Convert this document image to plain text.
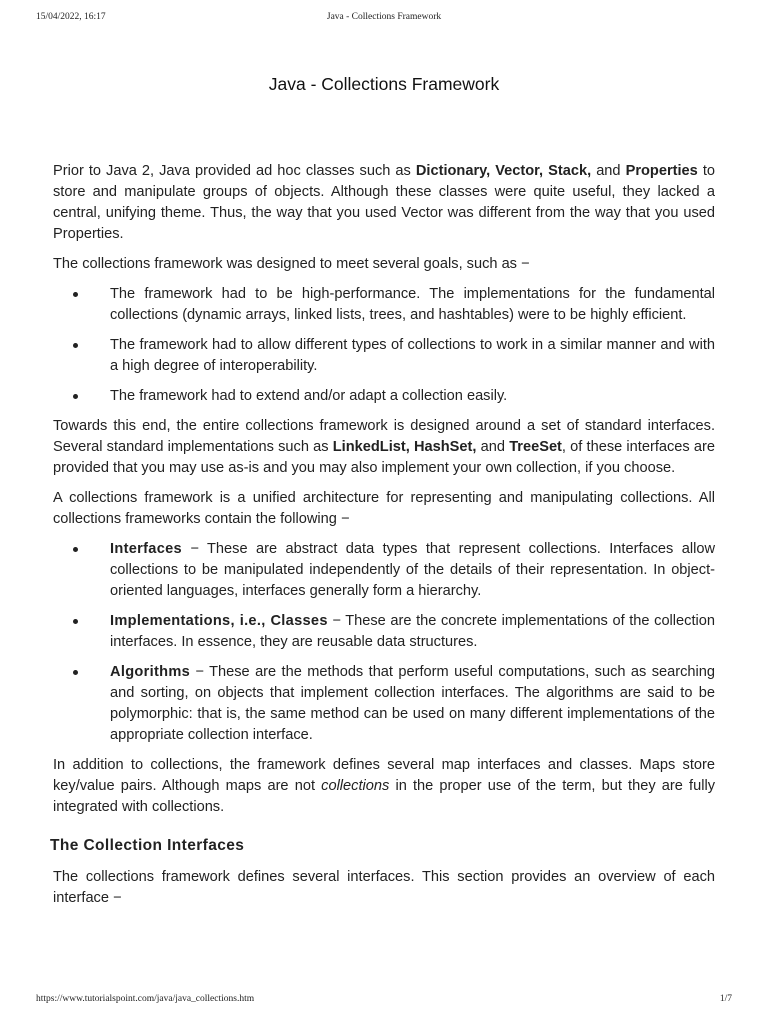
15/04/2022, 16:17	Java - Collections Framework
Java - Collections Framework

Prior to Java 2, Java provided ad hoc classes such as Dictionary, Vector, Stack, and Properties to store and manipulate groups of objects. Although these classes were quite useful, they lacked a central, unifying theme. Thus, the way that you used Vector was different from the way that you used Properties.

The collections framework was designed to meet several goals, such as −

The framework had to be high-performance. The implementations for the fundamental collections (dynamic arrays, linked lists, trees, and hashtables) were to be highly efficient.
The framework had to allow different types of collections to work in a similar manner and with a high degree of interoperability.
The framework had to extend and/or adapt a collection easily.

Towards this end, the entire collections framework is designed around a set of standard interfaces. Several standard implementations such as LinkedList, HashSet, and TreeSet, of these interfaces are provided that you may use as-is and you may also implement your own collection, if you choose.

A collections framework is a unified architecture for representing and manipulating collections. All collections frameworks contain the following −

Interfaces − These are abstract data types that represent collections. Interfaces allow collections to be manipulated independently of the details of their representation. In object-oriented languages, interfaces generally form a hierarchy.
Implementations, i.e., Classes − These are the concrete implementations of the collection interfaces. In essence, they are reusable data structures.
Algorithms − These are the methods that perform useful computations, such as searching and sorting, on objects that implement collection interfaces. The algorithms are said to be polymorphic: that is, the same method can be used on many different implementations of the appropriate collection interface.

In addition to collections, the framework defines several map interfaces and classes. Maps store key/value pairs. Although maps are not collections in the proper use of the term, but they are fully integrated with collections.

The Collection Interfaces

The collections framework defines several interfaces. This section provides an overview of each interface −

https://www.tutorialspoint.com/java/java_collections.htm	1/7
